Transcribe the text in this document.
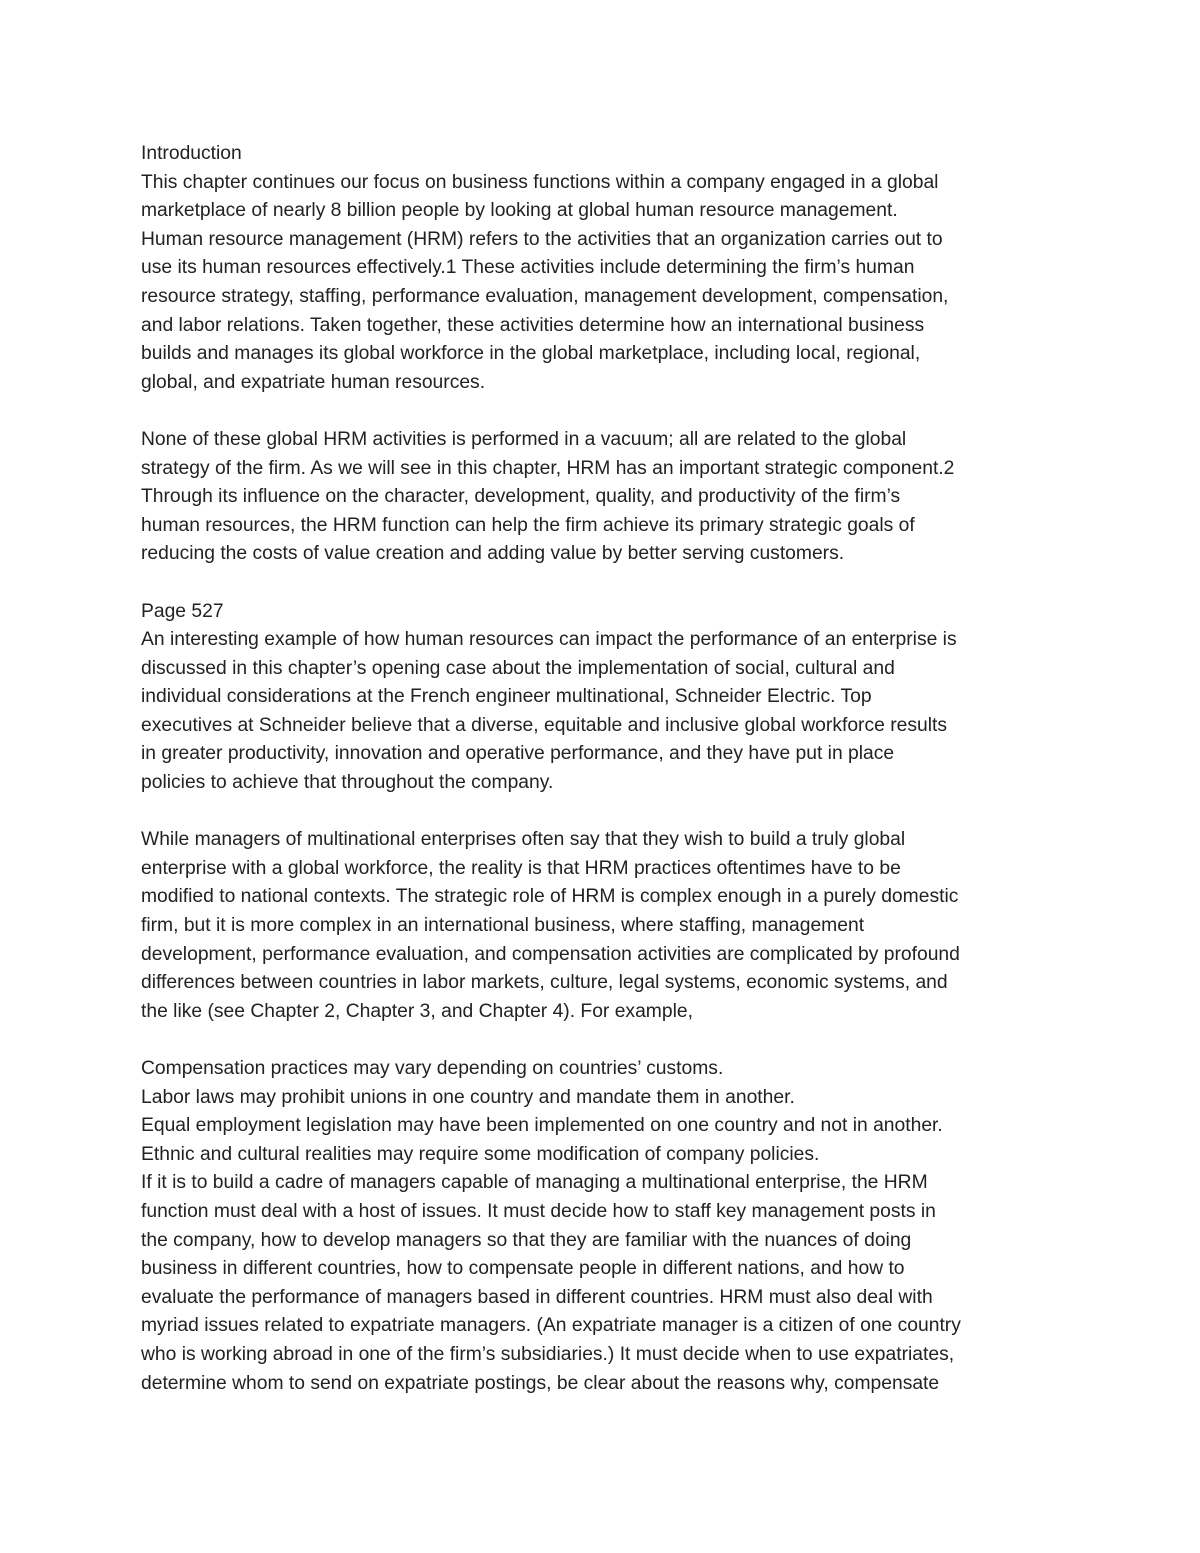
Introduction

This chapter continues our focus on business functions within a company engaged in a global

marketplace of nearly 8 billion people by looking at global human resource management.

Human resource management (HRM) refers to the activities that an organization carries out to

use its human resources effectively.1 These activities include determining the firm’s human

resource strategy, staffing, performance evaluation, management development, compensation,

and labor relations. Taken together, these activities determine how an international business

builds and manages its global workforce in the global marketplace, including local, regional,

global, and expatriate human resources.

None of these global HRM activities is performed in a vacuum; all are related to the global

strategy of the firm. As we will see in this chapter, HRM has an important strategic component.2

Through its influence on the character, development, quality, and productivity of the firm’s

human resources, the HRM function can help the firm achieve its primary strategic goals of

reducing the costs of value creation and adding value by better serving customers.

Page 527

An interesting example of how human resources can impact the performance of an enterprise is

discussed in this chapter’s opening case about the implementation of social, cultural and

individual considerations at the French engineer multinational, Schneider Electric. Top

executives at Schneider believe that a diverse, equitable and inclusive global workforce results

in greater productivity, innovation and operative performance, and they have put in place

policies to achieve that throughout the company.

While managers of multinational enterprises often say that they wish to build a truly global

enterprise with a global workforce, the reality is that HRM practices oftentimes have to be

modified to national contexts. The strategic role of HRM is complex enough in a purely domestic

firm, but it is more complex in an international business, where staffing, management

development, performance evaluation, and compensation activities are complicated by profound

differences between countries in labor markets, culture, legal systems, economic systems, and

the like (see Chapter 2, Chapter 3, and Chapter 4). For example,

Compensation practices may vary depending on countries’ customs.

Labor laws may prohibit unions in one country and mandate them in another.

Equal employment legislation may have been implemented on one country and not in another.

Ethnic and cultural realities may require some modification of company policies.

If it is to build a cadre of managers capable of managing a multinational enterprise, the HRM

function must deal with a host of issues. It must decide how to staff key management posts in

the company, how to develop managers so that they are familiar with the nuances of doing

business in different countries, how to compensate people in different nations, and how to

evaluate the performance of managers based in different countries. HRM must also deal with

myriad issues related to expatriate managers. (An expatriate manager is a citizen of one country

who is working abroad in one of the firm’s subsidiaries.) It must decide when to use expatriates,

determine whom to send on expatriate postings, be clear about the reasons why, compensate
